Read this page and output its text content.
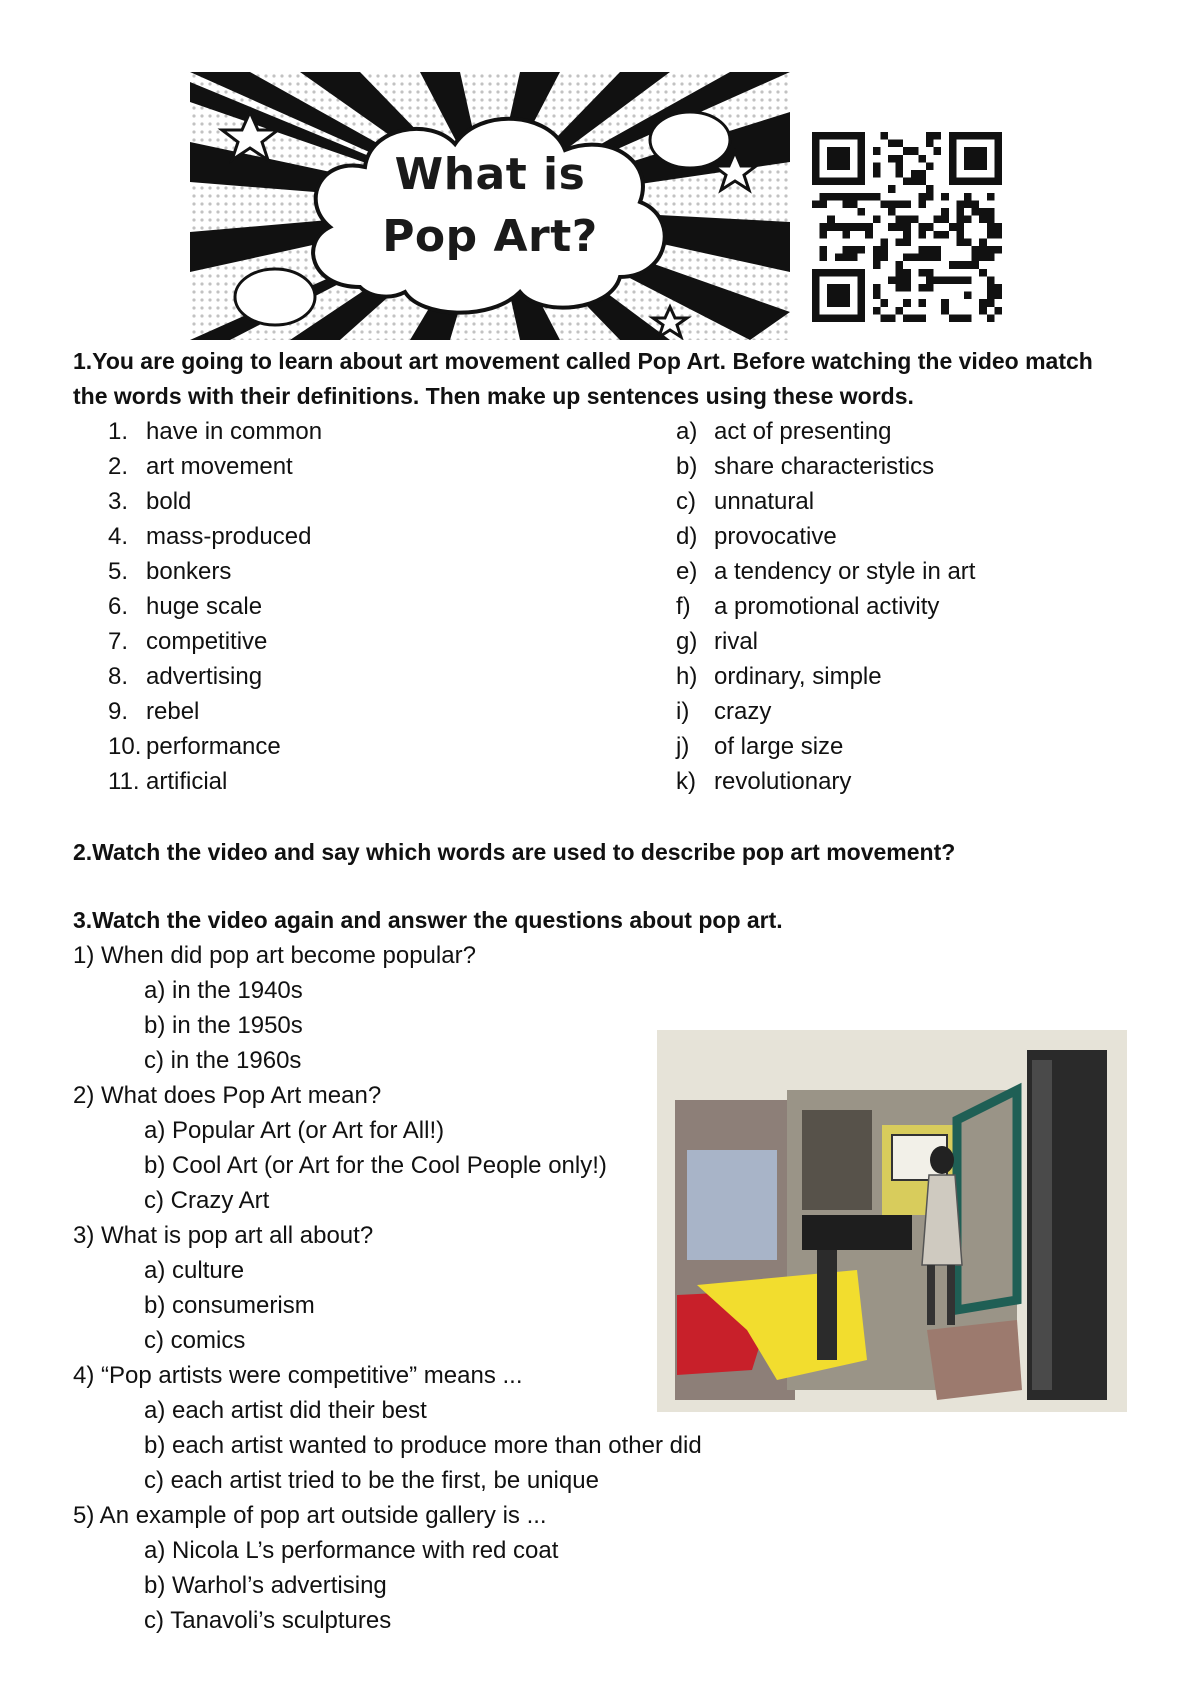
What is
Pop Art?
1.You are going to learn about art movement called Pop Art. Before watching the video match the words with their definitions. Then make up sentences using these words.
1. have in common
2. art movement
3. bold
4. mass-produced
5. bonkers
6. huge scale
7. competitive
8. advertising
9. rebel
10. performance
11. artificial
a) act of presenting
b) share characteristics
c) unnatural
d) provocative
e) a tendency or style in art
f) a promotional activity
g) rival
h) ordinary, simple
i)	crazy
j)	of large size
k) revolutionary
2.Watch the video and say which words are used to describe pop art movement?
3.Watch the video again and answer the questions about pop art.

1) When did pop art become popular?

a) in the 1940s

b) in the 1950s

c) in the 1960s

2) What does Pop Art mean?

a) Popular Art (or Art for All!)

b) Cool Art (or Art for the Cool People only!)

c) Crazy Art

3) What is pop art all about?

a) culture

b) consumerism

c) comics

4) “Pop artists were competitive” means ...

a) each artist did their best

b) each artist wanted to produce more than other did

c) each artist tried to be the first, be unique

5) An example of pop art outside gallery is ...

a) Nicola L’s performance with red coat

b) Warhol’s advertising

c) Tanavoli’s sculptures
